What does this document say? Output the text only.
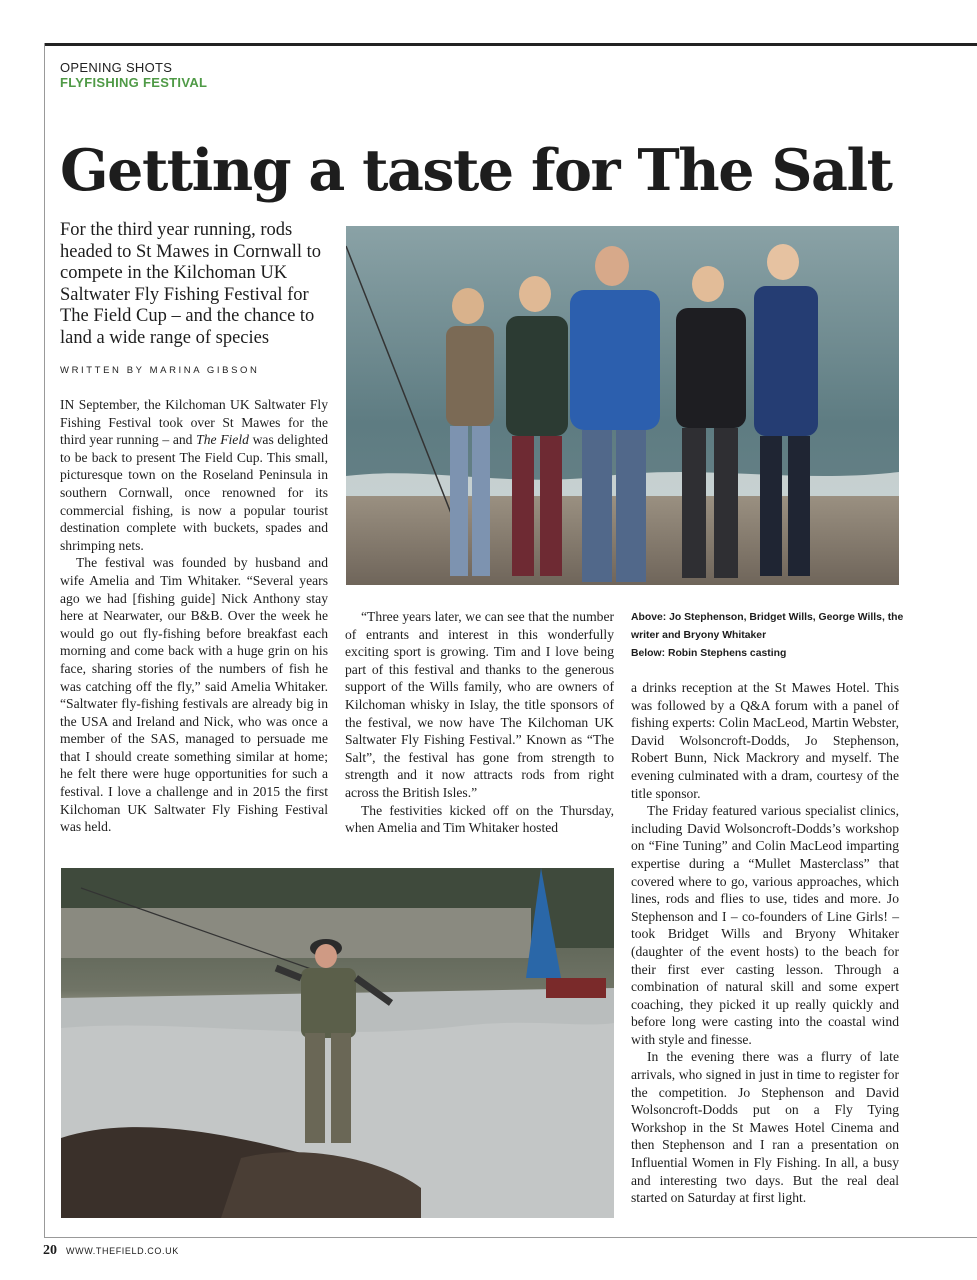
OPENING SHOTS
FLYFISHING FESTIVAL
Getting a taste for The Salt
For the third year running, rods headed to St Mawes in Cornwall to compete in the Kilchoman UK Saltwater Fly Fishing Festival for The Field Cup – and the chance to land a wide range of species
WRITTEN BY MARINA GIBSON

IN September, the Kilchoman UK Saltwater Fly Fishing Festival took over St Mawes for the third year running – and The Field was delighted to be back to present The Field Cup. This small, picturesque town on the Roseland Peninsula in southern Cornwall, once renowned for its commercial fishing, is now a popular tourist destination complete with buckets, spades and shrimping nets.

The festival was founded by husband and wife Amelia and Tim Whitaker. “Several years ago we had [fishing guide] Nick Anthony stay here at Nearwater, our B&B. Over the week he would go out fly-fishing before breakfast each morning and come back with a huge grin on his face, sharing stories of the numbers of fish he was catching off the fly,” said Amelia Whitaker. “Saltwater fly-fishing festivals are already big in the USA and Ireland and Nick, who was once a member of the SAS, managed to persuade me that I should create something similar at home; he felt there were huge opportunities for such a festival. I love a challenge and in 2015 the first Kilchoman UK Saltwater Fly Fishing Festival was held.

“Three years later, we can see that the number of entrants and interest in this wonderfully exciting sport is growing. Tim and I love being part of this festival and thanks to the generous support of the Wills family, who are owners of Kilchoman whisky in Islay, the title sponsors of the festival, we now have The Kilchoman UK Saltwater Fly Fishing Festival.” Known as “The Salt”, the festival has gone from strength to strength and it now attracts rods from right across the British Isles.”

The festivities kicked off on the Thursday, when Amelia and Tim Whitaker hosted

Above: Jo Stephenson, Bridget Wills, George Wills, the writer and Bryony Whitaker
Below: Robin Stephens casting

a drinks reception at the St Mawes Hotel. This was followed by a Q&A forum with a panel of fishing experts: Colin MacLeod, Martin Webster, David Wolsoncroft-Dodds, Jo Stephenson, Robert Bunn, Nick Mackrory and myself. The evening culminated with a dram, courtesy of the title sponsor.

The Friday featured various specialist clinics, including David Wolsoncroft-Dodds’s workshop on “Fine Tuning” and Colin MacLeod imparting expertise during a “Mullet Masterclass” that covered where to go, various approaches, which lines, rods and flies to use, tides and more. Jo Stephenson and I – co-founders of Line Girls! – took Bridget Wills and Bryony Whitaker (daughter of the event hosts) to the beach for their first ever casting lesson. Through a combination of natural skill and some expert coaching, they picked it up really quickly and before long were casting into the coastal wind with style and finesse.

In the evening there was a flurry of late arrivals, who signed in just in time to register for the competition. Jo Stephenson and David Wolsoncroft-Dodds put on a Fly Tying Workshop in the St Mawes Hotel Cinema and then Stephenson and I ran a presentation on Influential Women in Fly Fishing. In all, a busy and interesting two days. But the real deal started on Saturday at first light.

20 WWW.THEFIELD.CO.UK
